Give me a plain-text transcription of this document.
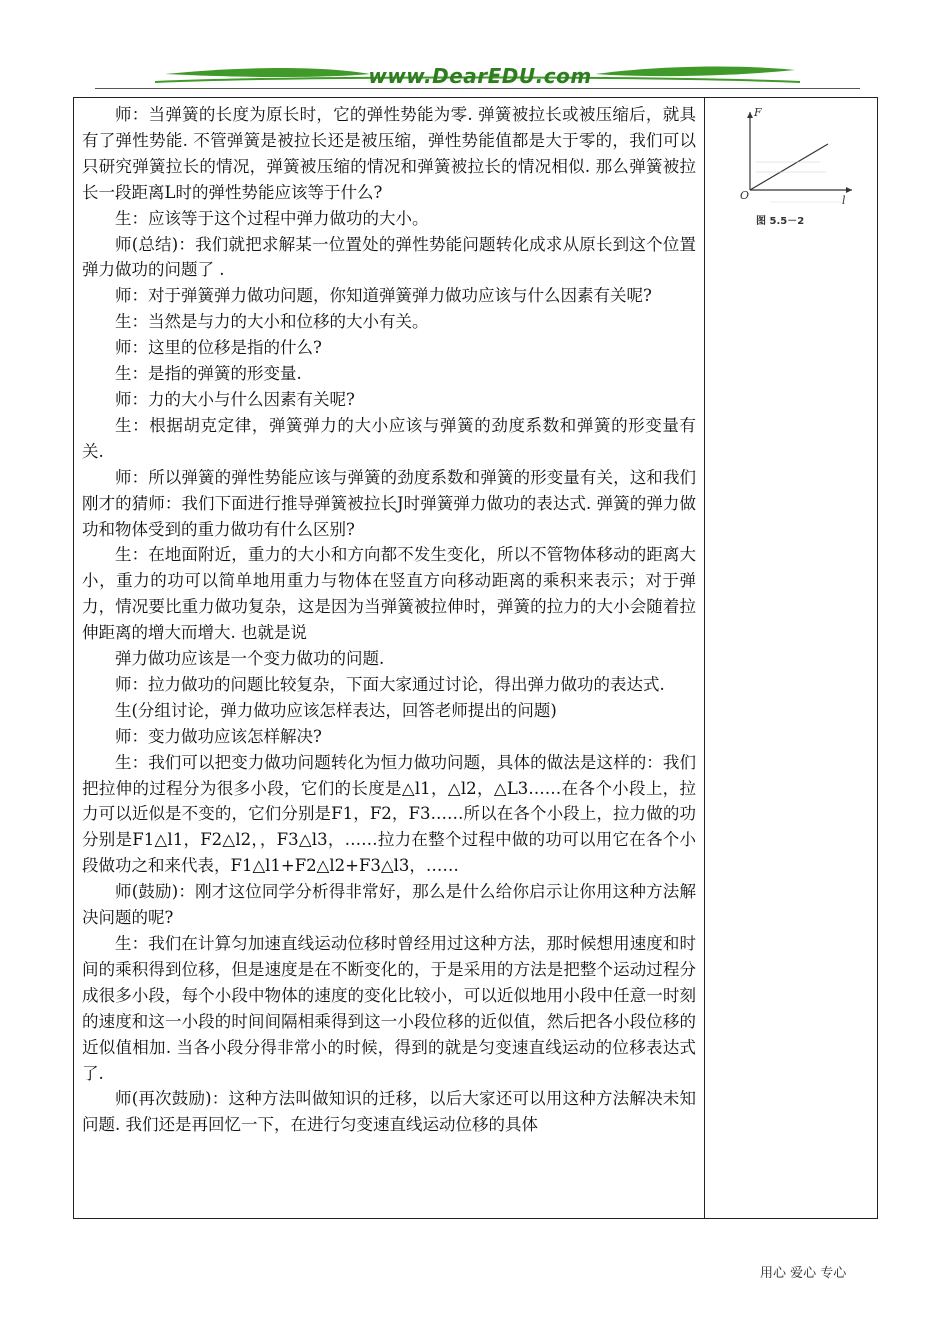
www.DearEDU.com

师：当弹簧的长度为原长时，它的弹性势能为零. 弹簧被拉长或被压缩后，就具有了弹性势能. 不管弹簧是被拉长还是被压缩，弹性势能值都是大于零的，我们可以只研究弹簧拉长的情况，弹簧被压缩的情况和弹簧被拉长的情况相似. 那么弹簧被拉长一段距离L时的弹性势能应该等于什么?

生：应该等于这个过程中弹力做功的大小。

师(总结)：我们就把求解某一位置处的弹性势能问题转化成求从原长到这个位置弹力做功的问题了 .

师：对于弹簧弹力做功问题，你知道弹簧弹力做功应该与什么因素有关呢?

生：当然是与力的大小和位移的大小有关。

师：这里的位移是指的什么?

生：是指的弹簧的形变量.

师：力的大小与什么因素有关呢?

生：根据胡克定律，弹簧弹力的大小应该与弹簧的劲度系数和弹簧的形变量有关.

师：所以弹簧的弹性势能应该与弹簧的劲度系数和弹簧的形变量有关，这和我们刚才的猜师：我们下面进行推导弹簧被拉长J时弹簧弹力做功的表达式. 弹簧的弹力做功和物体受到的重力做功有什么区别?

生：在地面附近，重力的大小和方向都不发生变化，所以不管物体移动的距离大小，重力的功可以简单地用重力与物体在竖直方向移动距离的乘积来表示；对于弹力，情况要比重力做功复杂，这是因为当弹簧被拉伸时，弹簧的拉力的大小会随着拉伸距离的增大而增大. 也就是说

弹力做功应该是一个变力做功的问题.

师：拉力做功的问题比较复杂，下面大家通过讨论，得出弹力做功的表达式.

生(分组讨论，弹力做功应该怎样表达，回答老师提出的问题)

师：变力做功应该怎样解决?

生：我们可以把变力做功问题转化为恒力做功问题，具体的做法是这样的：我们把拉伸的过程分为很多小段，它们的长度是△l1，△l2，△L3……在各个小段上，拉力可以近似是不变的，它们分别是F1，F2，F3……所以在各个小段上，拉力做的功分别是F1△l1，F2△l2，，F3△l3，……拉力在整个过程中做的功可以用它在各个小段做功之和来代表，F1△l1+F2△l2+F3△l3，……

师(鼓励)：刚才这位同学分析得非常好，那么是什么给你启示让你用这种方法解决问题的呢?

生：我们在计算匀加速直线运动位移时曾经用过这种方法，那时候想用速度和时间的乘积得到位移，但是速度是在不断变化的，于是采用的方法是把整个运动过程分成很多小段，每个小段中物体的速度的变化比较小，可以近似地用小段中任意一时刻的速度和这一小段的时间间隔相乘得到这一小段位移的近似值，然后把各小段位移的近似值相加. 当各小段分得非常小的时候，得到的就是匀变速直线运动的位移表达式了.

师(再次鼓励)：这种方法叫做知识的迁移，以后大家还可以用这种方法解决未知问题. 我们还是再回忆一下，在进行匀变速直线运动位移的具体

F
O	l
图 5.5－2
用心 爱心 专心
